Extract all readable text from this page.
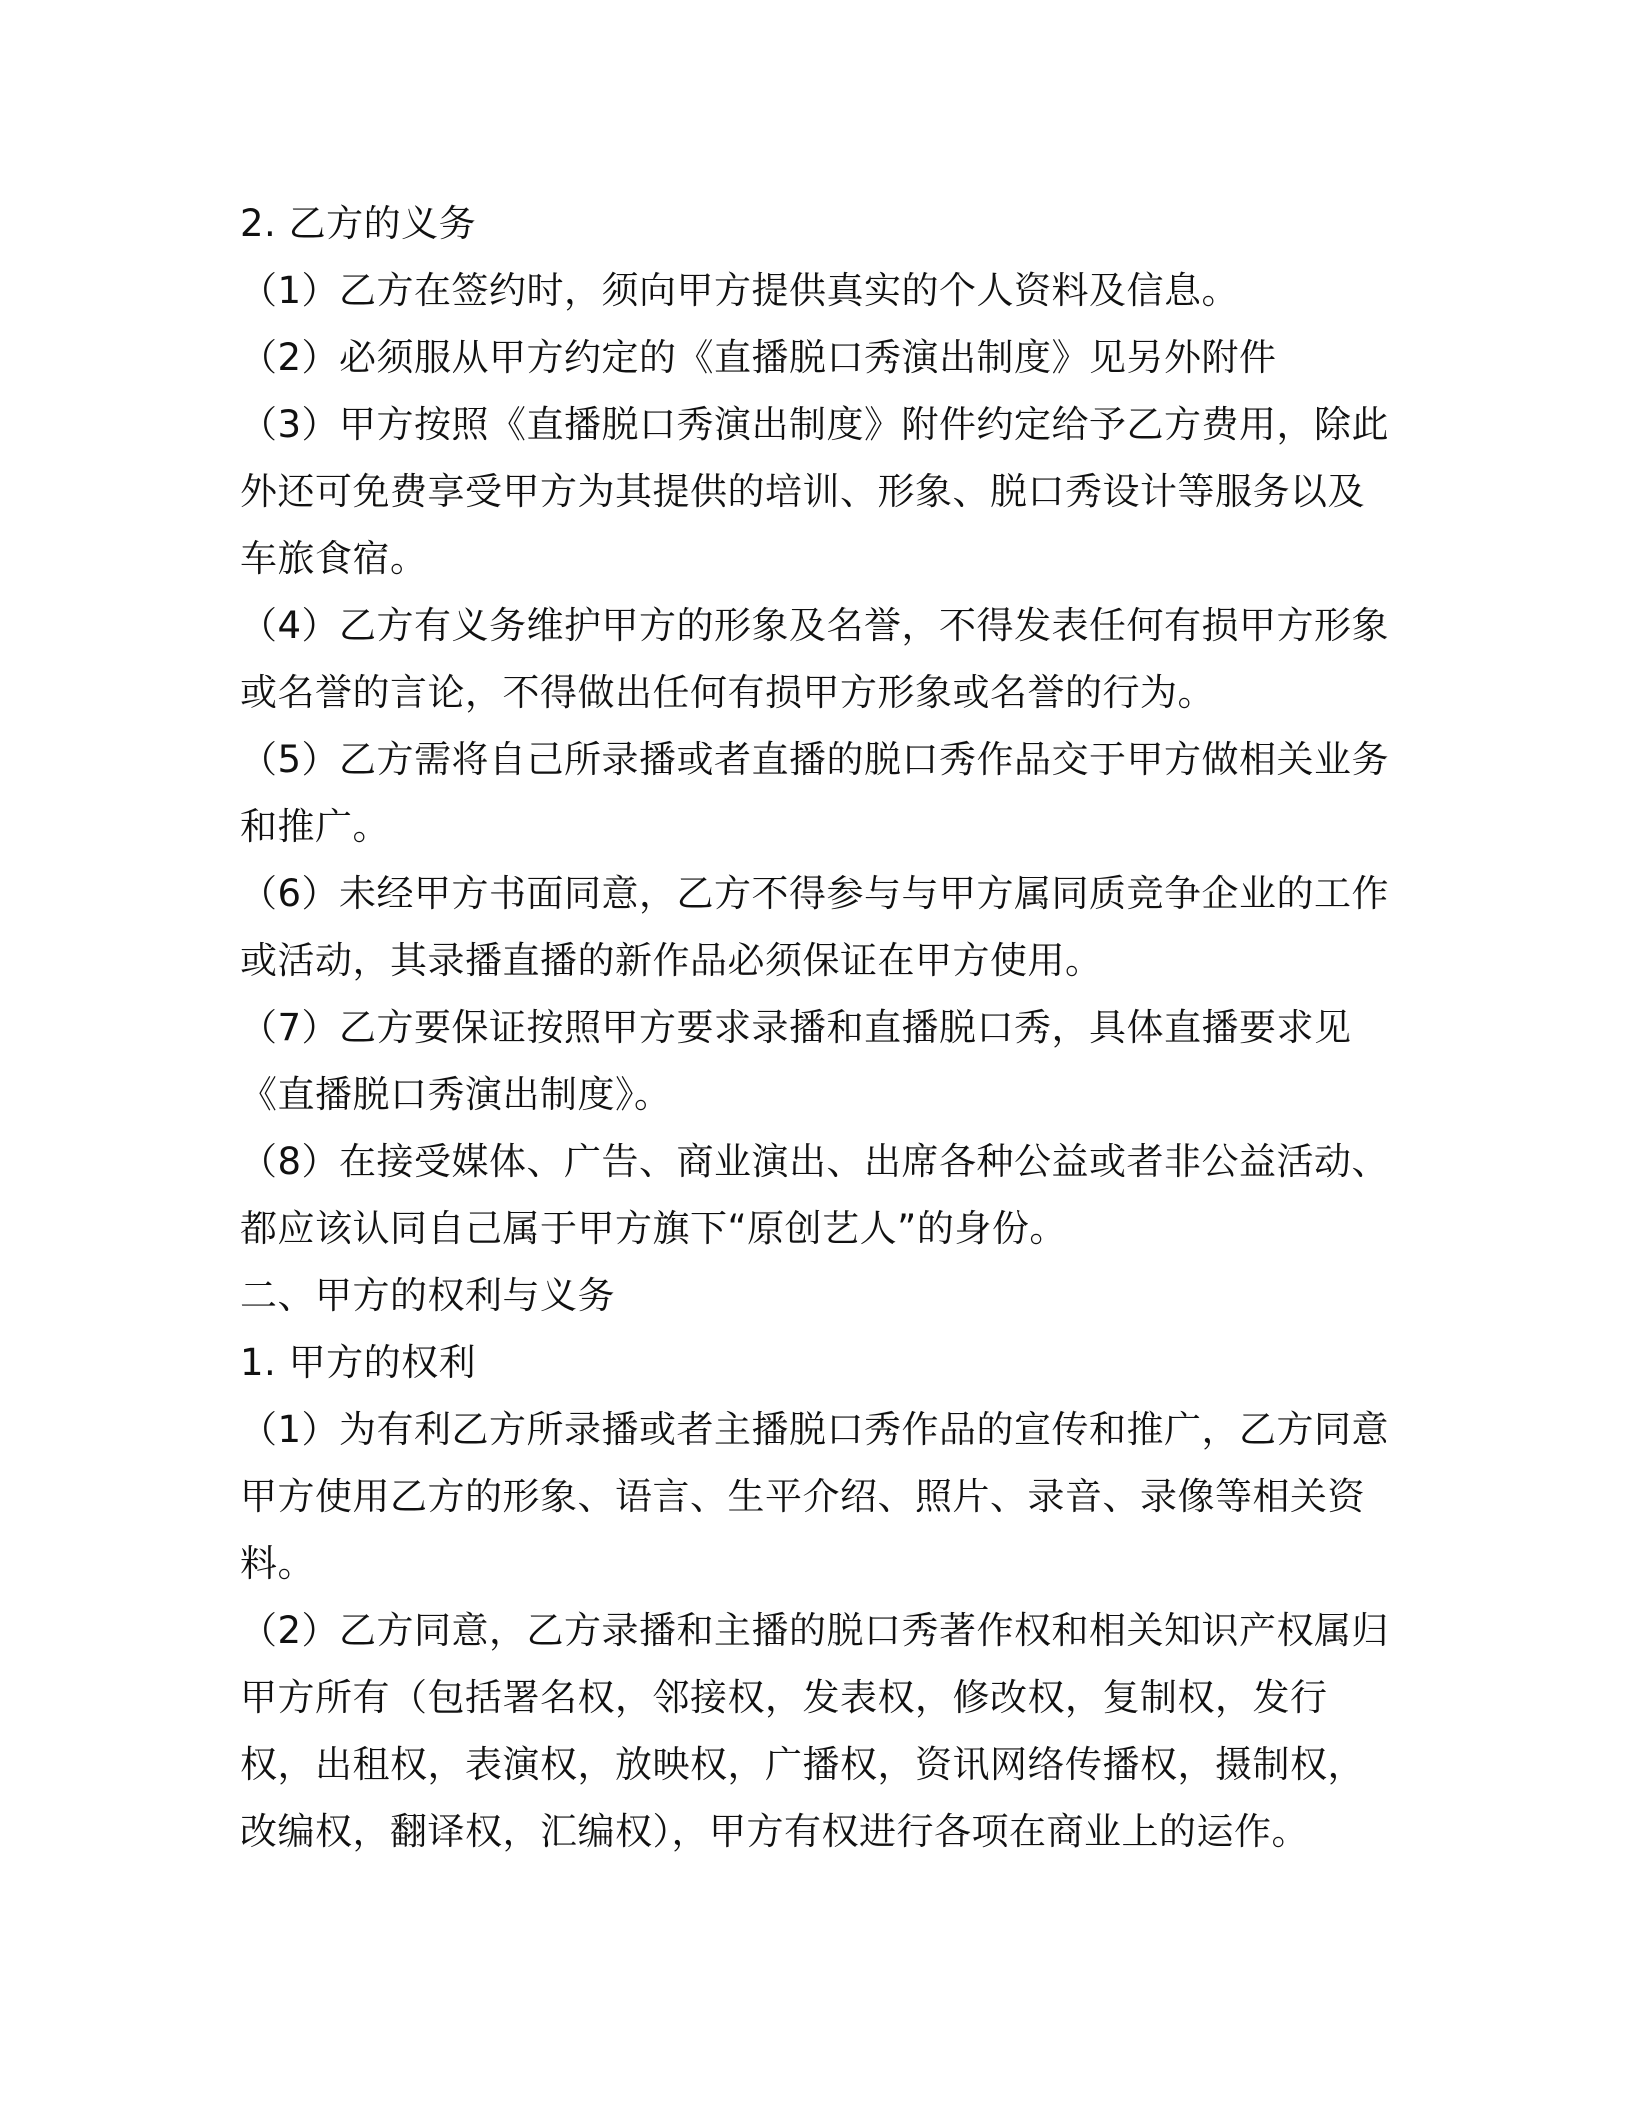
2. 乙方的义务
（1）乙方在签约时，须向甲方提供真实的个人资料及信息。
（2）必须服从甲方约定的《直播脱口秀演出制度》见另外附件
（3）甲方按照《直播脱口秀演出制度》附件约定给予乙方费用，除此
外还可免费享受甲方为其提供的培训、形象、脱口秀设计等服务以及
车旅食宿。
（4）乙方有义务维护甲方的形象及名誉，不得发表任何有损甲方形象
或名誉的言论，不得做出任何有损甲方形象或名誉的行为。
（5）乙方需将自己所录播或者直播的脱口秀作品交于甲方做相关业务
和推广。
（6）未经甲方书面同意，乙方不得参与与甲方属同质竞争企业的工作
或活动，其录播直播的新作品必须保证在甲方使用。
（7）乙方要保证按照甲方要求录播和直播脱口秀，具体直播要求见
《直播脱口秀演出制度》。
（8）在接受媒体、广告、商业演出、出席各种公益或者非公益活动、
都应该认同自己属于甲方旗下“原创艺人”的身份。
二、甲方的权利与义务
1. 甲方的权利
（1）为有利乙方所录播或者主播脱口秀作品的宣传和推广，乙方同意
甲方使用乙方的形象、语言、生平介绍、照片、录音、录像等相关资
料。
（2）乙方同意，乙方录播和主播的脱口秀著作权和相关知识产权属归
甲方所有（包括署名权，邻接权，发表权，修改权，复制权，发行
权，出租权，表演权，放映权，广播权，资讯网络传播权，摄制权，
改编权，翻译权，汇编权），甲方有权进行各项在商业上的运作。
